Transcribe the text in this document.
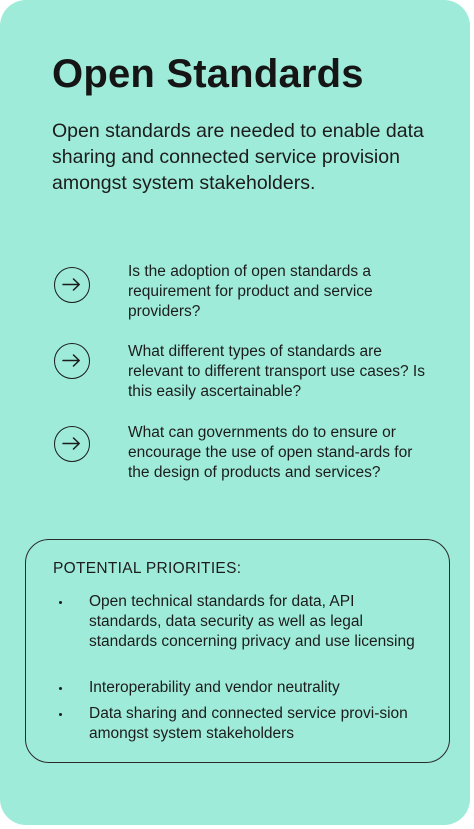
Open Standards

Open standards are needed to enable data sharing and connected service provision amongst system stakeholders.

Is the adoption of open standards a requirement for product and service providers?

What different types of standards are relevant to different transport use cases? Is this easily ascertainable?

What can governments do to ensure or encourage the use of open stand-ards for the design of products and services?

POTENTIAL PRIORITIES:

Open technical standards for data, API standards, data security as well as legal standards concerning privacy and use licensing

Interoperability and vendor neutrality

Data sharing and connected service provi-sion amongst system stakeholders
